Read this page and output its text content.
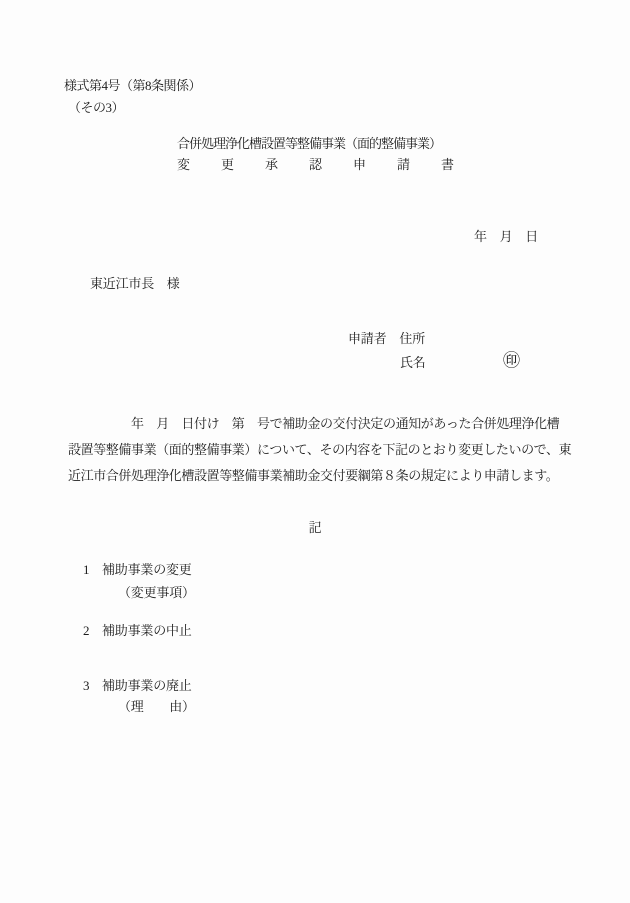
様式第4号（第8条関係）
（その3）
合併処理浄化槽設置等整備事業（面的整備事業）
変　更　承　認　申　請　書
年　月　日
東近江市長　様
申請者 住所
氏名	㊞
　　　　　年　月　日付け　第　号で補助金の交付決定の通知があった合併処理浄化槽
設置等整備事業（面的整備事業）について、その内容を下記のとおり変更したいので、東
近江市合併処理浄化槽設置等整備事業補助金交付要綱第８条の規定により申請します。
記
1 補助事業の変更
（変更事項）
2 補助事業の中止
3 補助事業の廃止
（理　　由）
